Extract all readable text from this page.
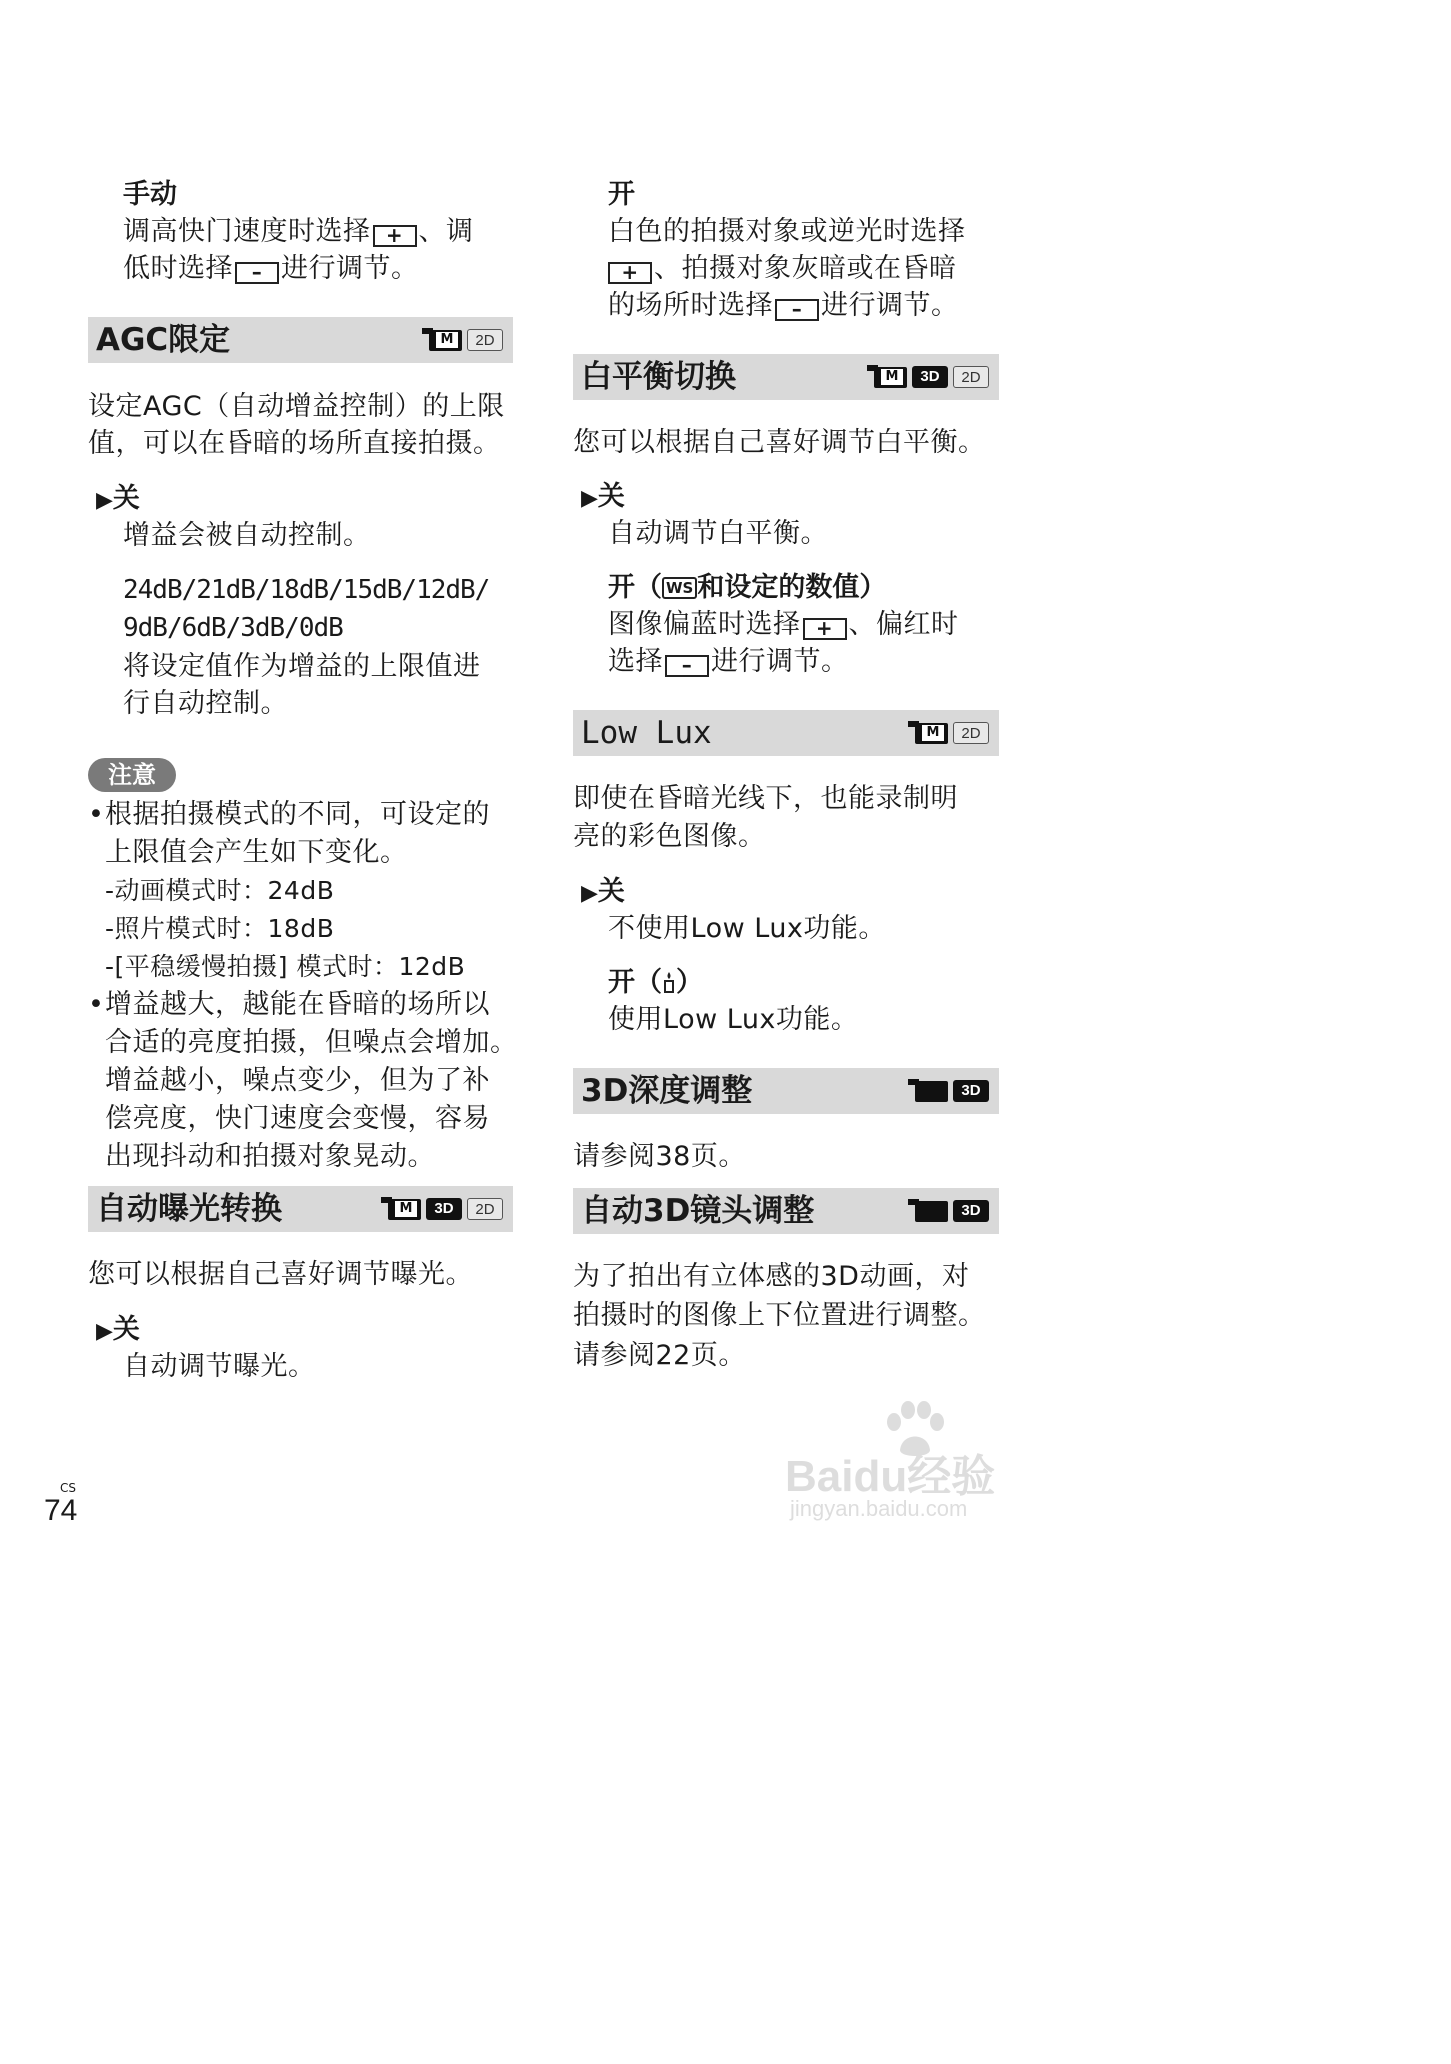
手动
调高快门速度时选择 + 、调
低时选择 – 进行调节。
AGC限定	M	2D
设定AGC（自动增益控制）的上限
值，可以在昏暗的场所直接拍摄。
▶关
增益会被自动控制。
24dB/21dB/18dB/15dB/12dB/
9dB/6dB/3dB/0dB
将设定值作为增益的上限值进
行自动控制。
注意
• 根据拍摄模式的不同，可设定的
上限值会产生如下变化。
-动画模式时：24dB
-照片模式时：18dB
-[平稳缓慢拍摄] 模式时：12dB
• 增益越大，越能在昏暗的场所以
合适的亮度拍摄，但噪点会增加。
增益越小，噪点变少，但为了补
偿亮度，快门速度会变慢，容易
出现抖动和拍摄对象晃动。
自动曝光转换	M	3D	2D
您可以根据自己喜好调节曝光。
▶关
自动调节曝光。
开
白色的拍摄对象或逆光时选择
+ 、拍摄对象灰暗或在昏暗
的场所时选择 – 进行调节。
白平衡切换	M	3D	2D
您可以根据自己喜好调节白平衡。
▶关
自动调节白平衡。
开（ WS 和设定的数值）
图像偏蓝时选择 + 、偏红时
选择 – 进行调节。
Low Lux	M	2D
即使在昏暗光线下，也能录制明
亮的彩色图像。
▶关
不使用Low Lux功能。
开（ ）
使用Low Lux功能。
3D深度调整	3D
请参阅38页。
自动3D镜头调整	3D
为了拍出有立体感的3D动画，对
拍摄时的图像上下位置进行调整。
请参阅22页。
CS
74
Baidu经验
jingyan.baidu.com
